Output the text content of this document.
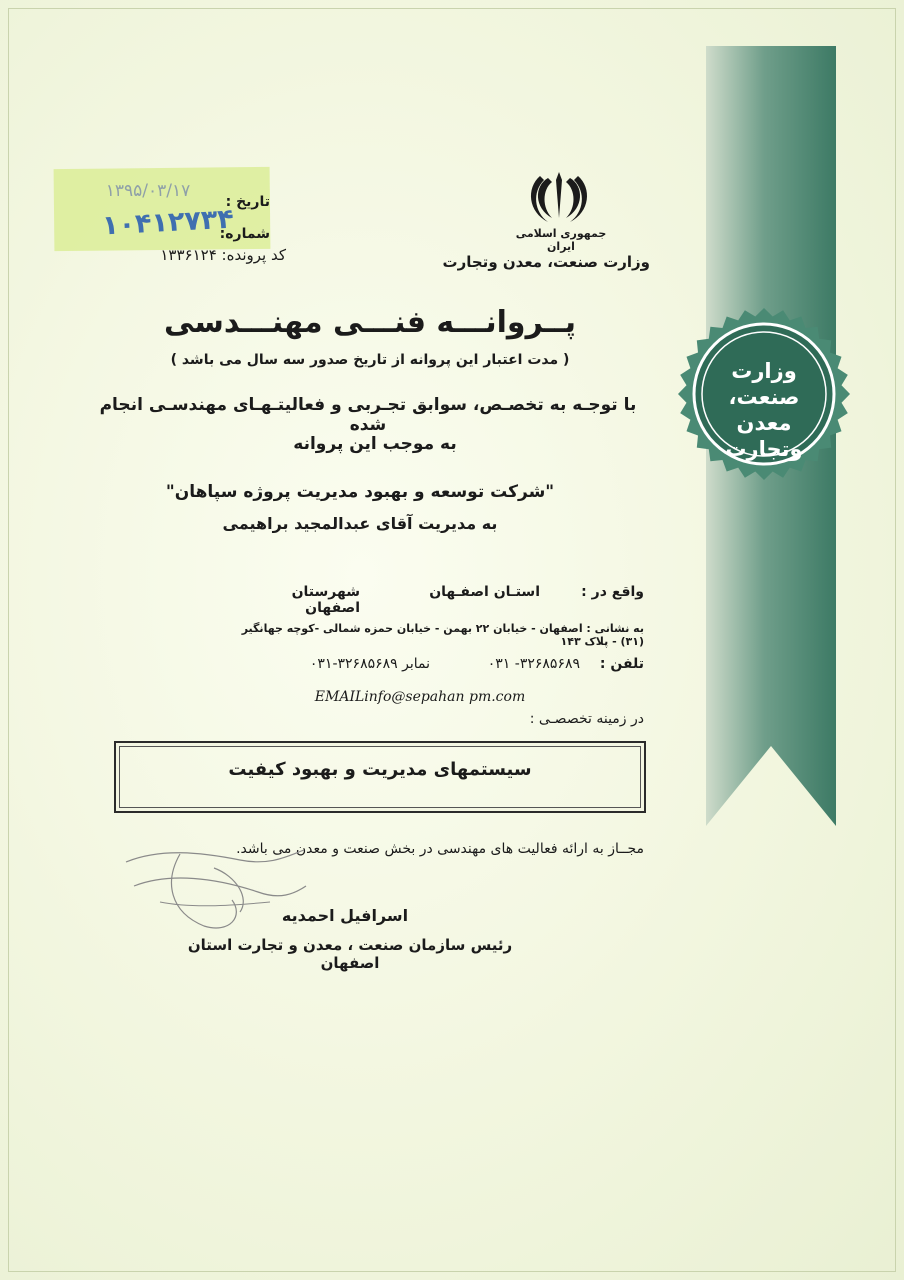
وزارت
صنعت، معدن
وتجارت
جمهوری اسلامی ایران
وزارت صنعت، معدن وتجارت
تاریخ :
۱۳۹۵/۰۳/۱۷
شماره:
۱۰۴۱۲۷۳۴
کد پرونده: ۱۳۳۶۱۲۴
پــروانـــه فنـــی مهنـــدسی
( مدت اعتبار این پروانه از تاریخ صدور سه سال می باشد )
با توجـه به تخصـص، سوابق تجـربی و فعالیتـهـای مهندسـی انجام شده
به موجب این پروانه
"شرکت توسعه و بهبود مدیریت پروژه سپاهان"
به مدیریت آقای عبدالمجید براهیمی
واقع در :
استـان اصفـهان
شهرستان اصفهان
به نشانی : اصفهان - خیابان ۲۲ بهمن - خیابان حمزه شمالی -کوچه جهانگیر (۳۱) - پلاک ۱۴۳
تلفن :
۳۲۶۸۵۶۸۹- ۰۳۱
نمابر ۳۲۶۸۵۶۸۹-۰۳۱
EMAILinfo@sepahan pm.com
در زمینه تخصصـی :
سیستمهای مدیریت و بهبود کیفیت
مجــاز به ارائه فعالیت های مهندسی در بخش صنعت و معدن می باشد.
اسرافیل احمدیه
رئیس سازمان صنعت ، معدن و تجارت استان اصفهان
